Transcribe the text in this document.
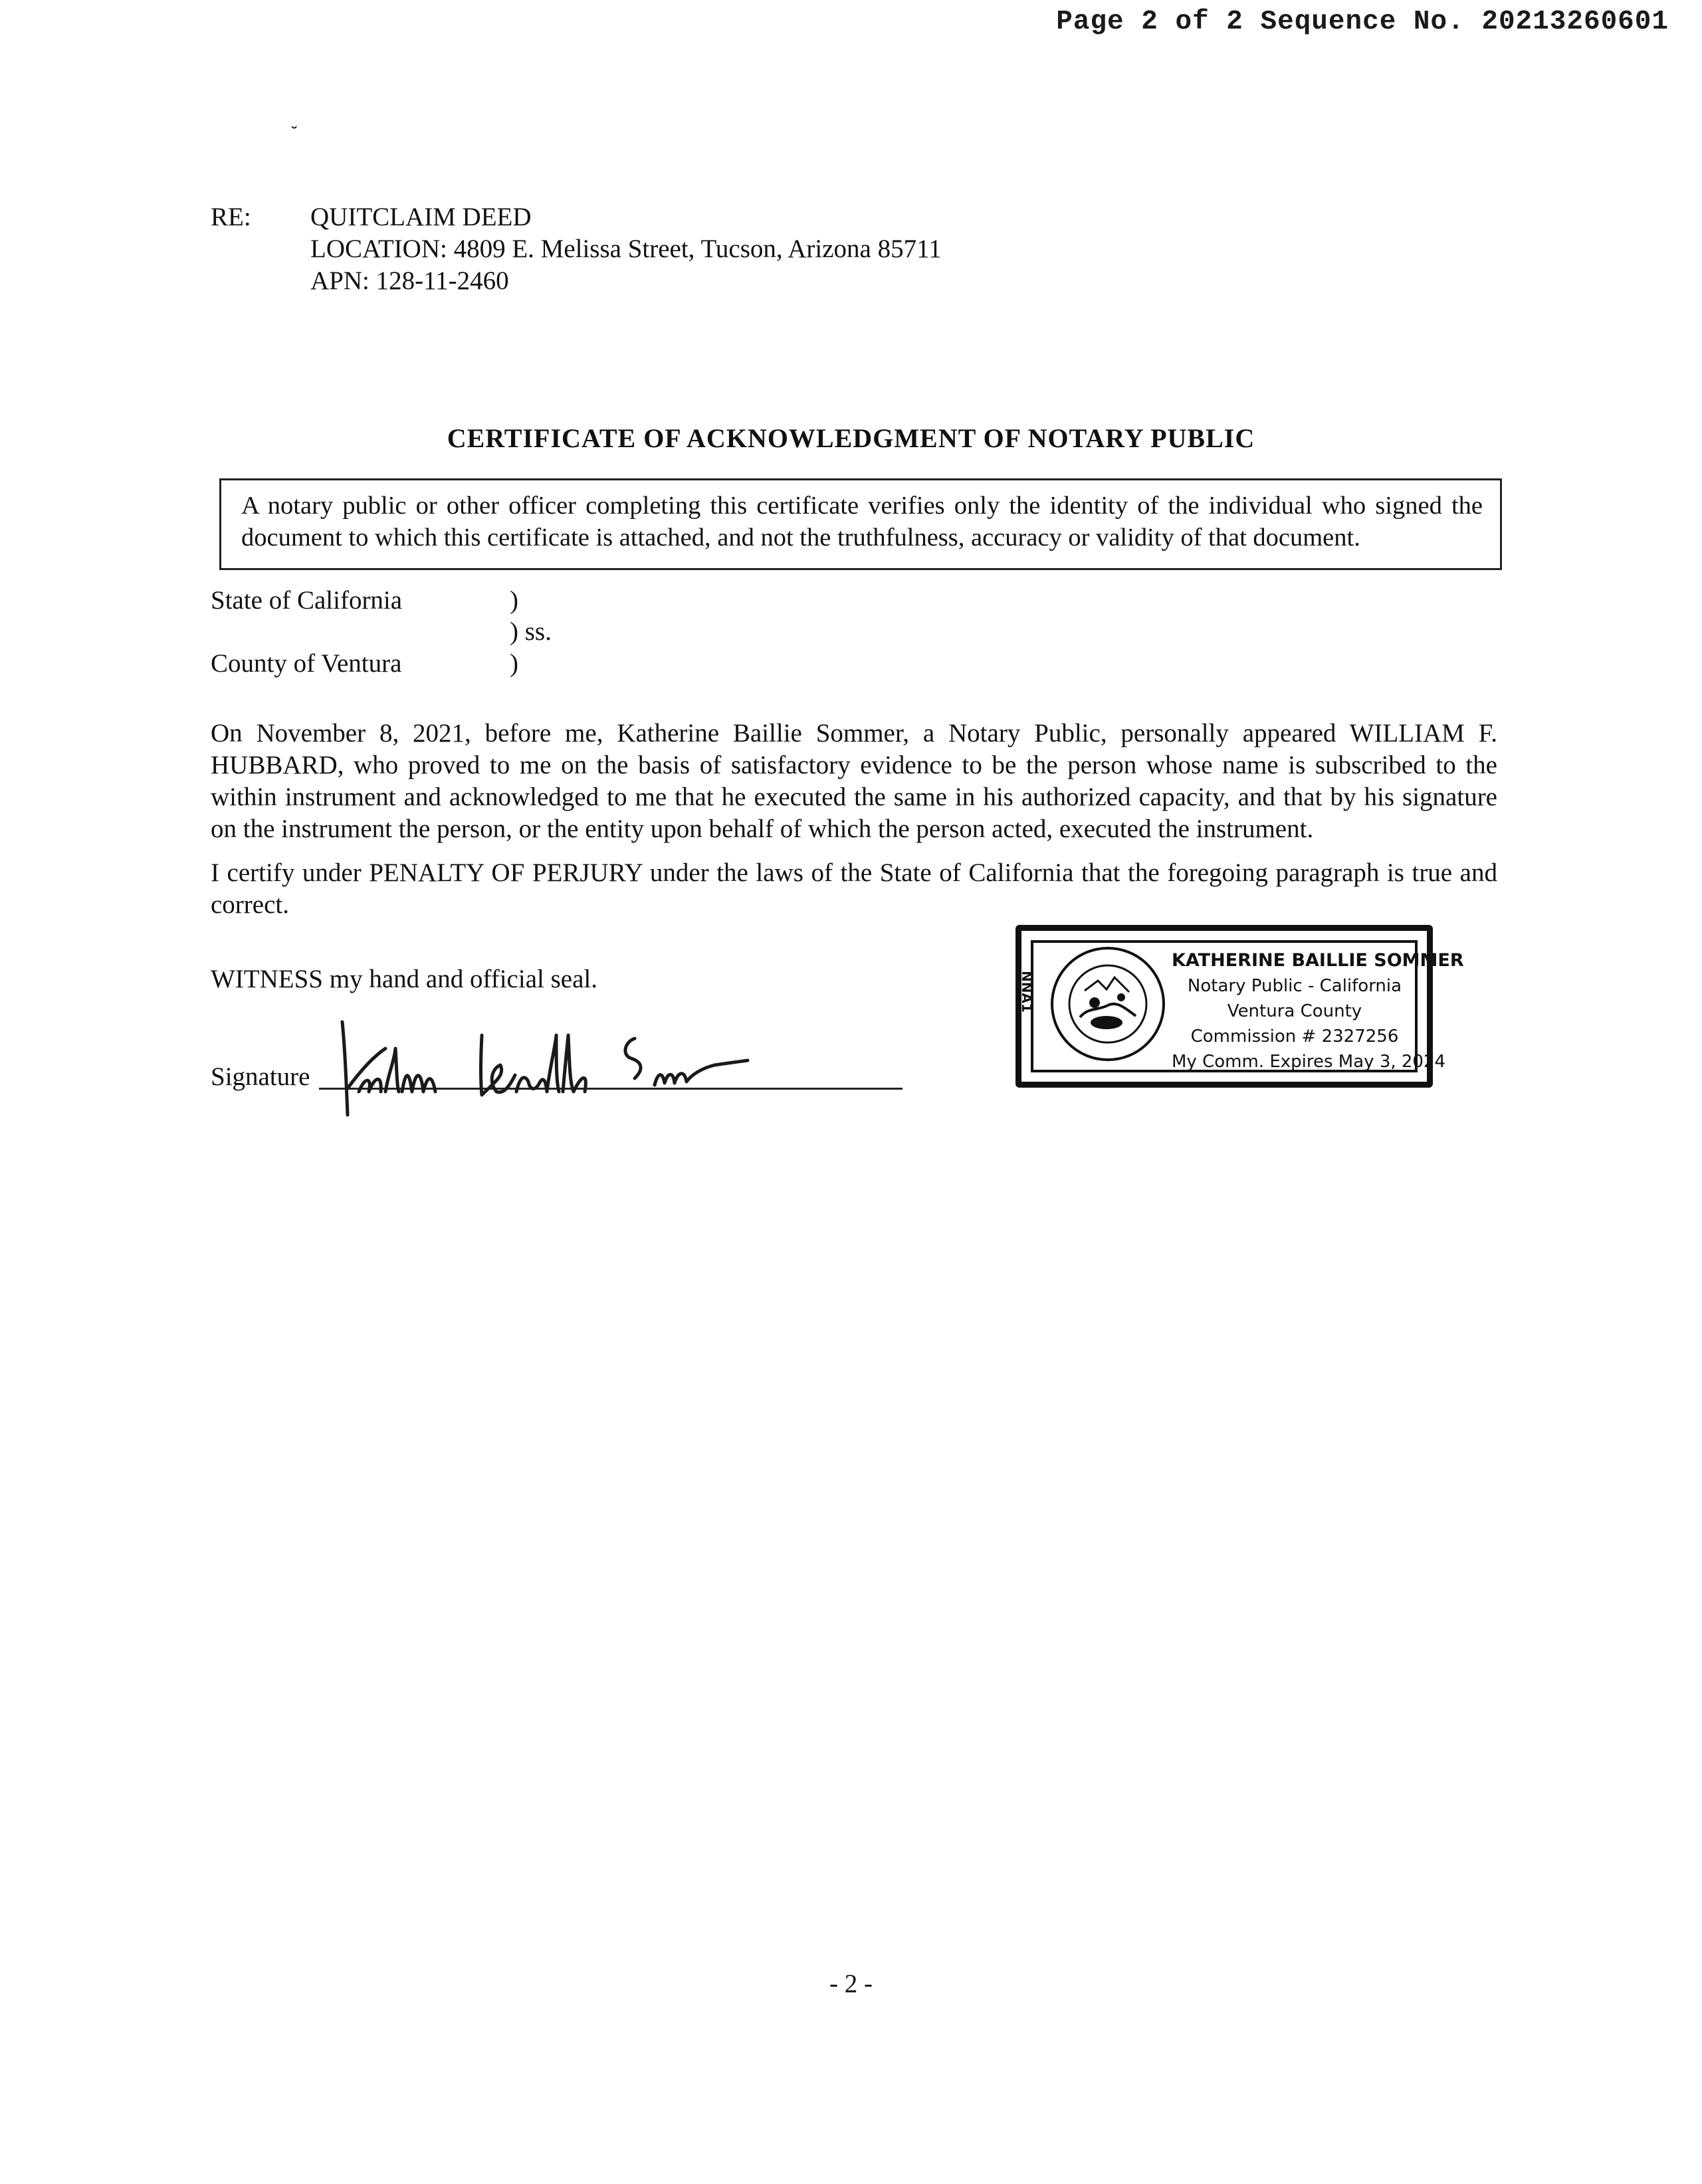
Page 2 of 2 Sequence No. 20213260601
˘
RE: QUITCLAIM DEED
LOCATION: 4809 E. Melissa Street, Tucson, Arizona 85711
APN: 128-11-2460
CERTIFICATE OF ACKNOWLEDGMENT OF NOTARY PUBLIC
A notary public or other officer completing this certificate verifies only the identity of the individual who signed the document to which this certificate is attached, and not the truthfulness, accuracy or validity of that document.
State of California
County of Ventura
)
) ss.
)
On November 8, 2021, before me, Katherine Baillie Sommer, a Notary Public, personally appeared WILLIAM F. HUBBARD, who proved to me on the basis of satisfactory evidence to be the person whose name is subscribed to the within instrument and acknowledged to me that he executed the same in his authorized capacity, and that by his signature on the instrument the person, or the entity upon behalf of which the person acted, executed the instrument.
I certify under PENALTY OF PERJURY under the laws of the State of California that the foregoing paragraph is true and correct.
WITNESS my hand and official seal.
Signature
NNA1
KATHERINE BAILLIE SOMMER
Notary Public - California
Ventura County
Commission # 2327256
My Comm. Expires May 3, 2024
- 2 -
